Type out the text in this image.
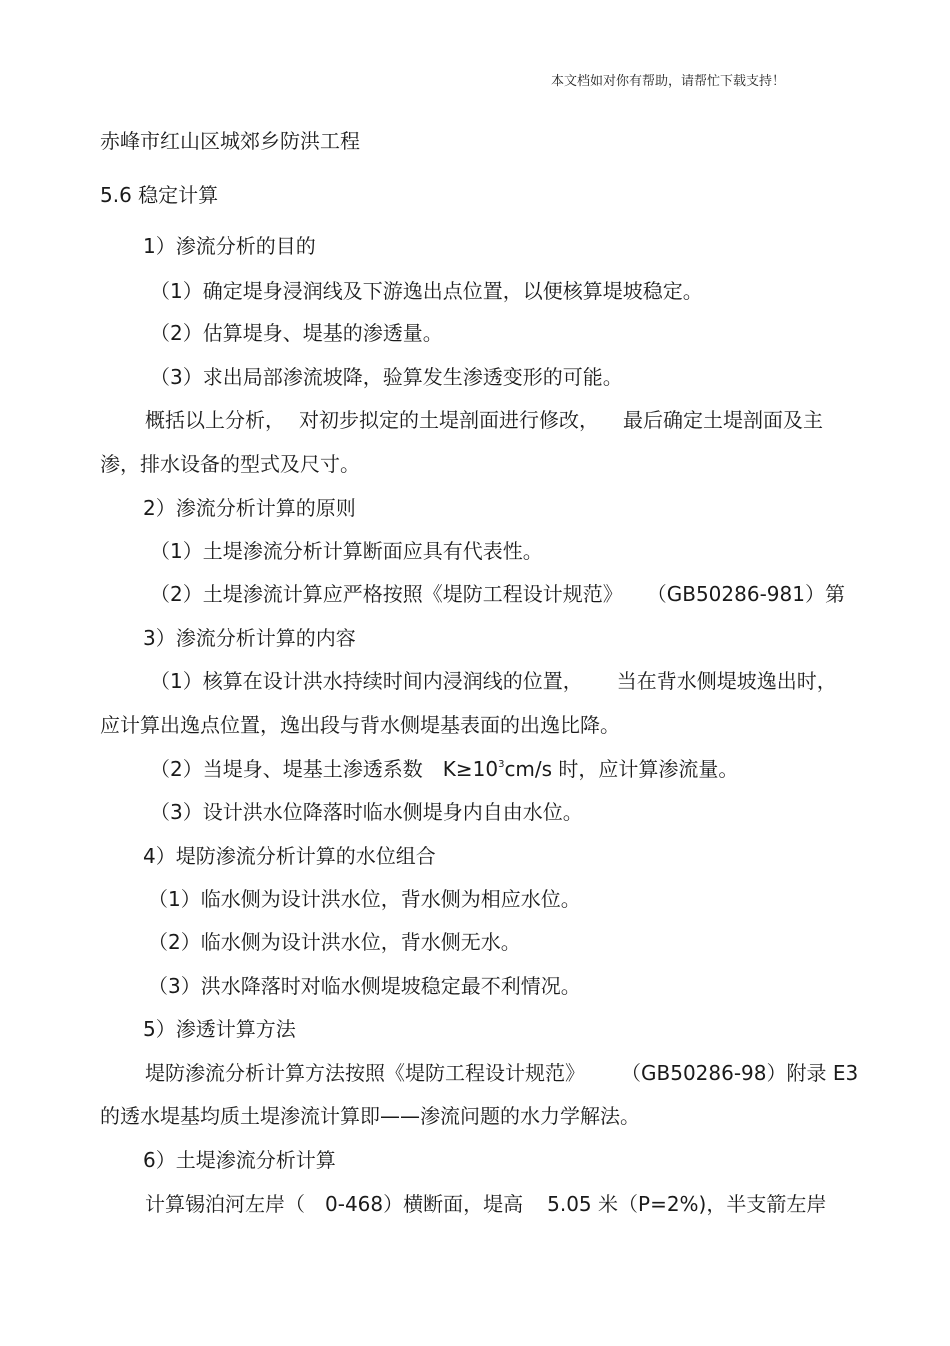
本文档如对你有帮助，请帮忙下载支持！
赤峰市红山区城郊乡防洪工程
5.6 稳定计算
1）渗流分析的目的
（1）确定堤身浸润线及下游逸出点位置，以便核算堤坡稳定。
（2）估算堤身、堤基的渗透量。
（3）求出局部渗流坡降，验算发生渗透变形的可能。
概括以上分析， 对初步拟定的土堤剖面进行修改， 最后确定土堤剖面及主
渗，排水设备的型式及尺寸。
2）渗流分析计算的原则
（1）土堤渗流分析计算断面应具有代表性。
（2）土堤渗流计算应严格按照《堤防工程设计规范》 （GB50286-981）第
3）渗流分析计算的内容
（1）核算在设计洪水持续时间内浸润线的位置， 当在背水侧堤坡逸出时，
应计算出逸点位置，逸出段与背水侧堤基表面的出逸比降。
（2）当堤身、堤基土渗透系数 $K\ge 10^3cm/s$ 时，应计算渗流量。
（3）设计洪水位降落时临水侧堤身内自由水位。
4）堤防渗流分析计算的水位组合
（1）临水侧为设计洪水位，背水侧为相应水位。
（2）临水侧为设计洪水位，背水侧无水。
（3）洪水降落时对临水侧堤坡稳定最不利情况。
5）渗透计算方法
堤防渗流分析计算方法按照《堤防工程设计规范》 （GB50286-98）附录 E3
的透水堤基均质土堤渗流计算即——渗流问题的水力学解法。
6）土堤渗流分析计算
计算锡泊河左岸（ 0-468）横断面，堤高 5.05 米（P=2%)，半支箭左岸
